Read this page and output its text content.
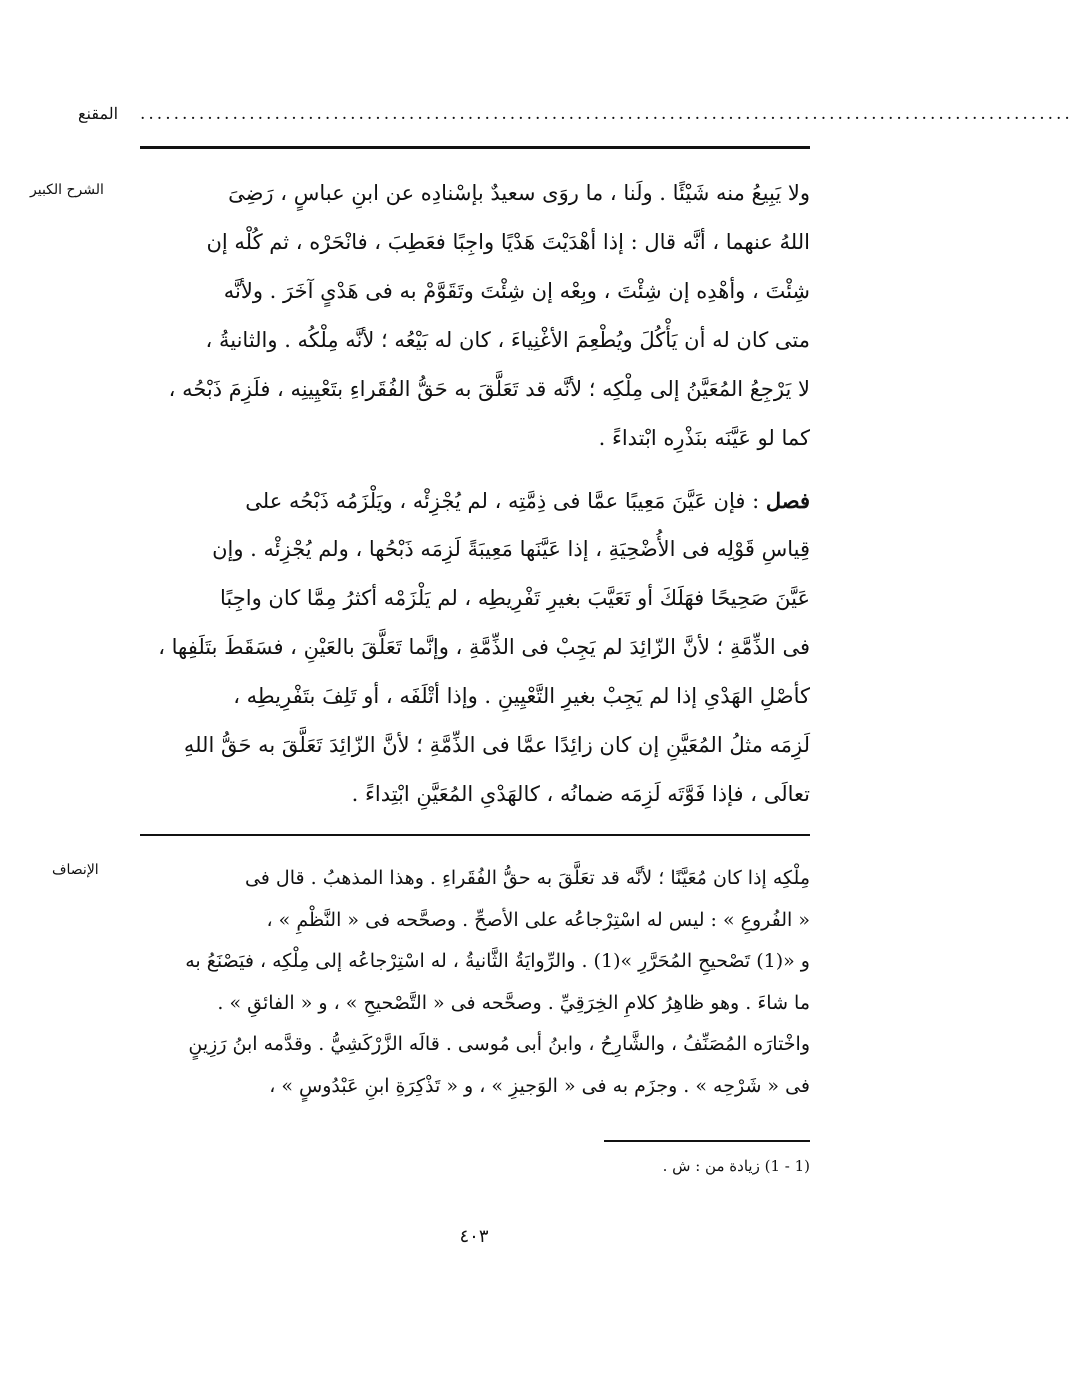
المقنع ...............................................................................................................
الشرح الكبير	ولا يَبِيعُ منه شَيْئًا . ولَنا ، ما روَى سعيدٌ بإسْنادِه عن ابنِ عباسٍ ، رَضِىَ
اللهُ عنهما ، أنَّه قال : إذا أهْدَيْتَ هَدْيًا واجِبًا فعَطِبَ ، فانْحَرْه ، ثم كُلْه إن
شِئْتَ ، وأهْدِه إن شِئْتَ ، وبِعْه إن شِئْتَ وتَقَوَّمْ به فى هَدْىٍ آخَرَ . ولأنَّه
متى كان له أن يَأْكُلَ ويُطْعِمَ الأغْنِياءَ ، كان له بَيْعُه ؛ لأنَّه مِلْكُه . والثانيةُ ،
لا يَرْجِعُ المُعَيَّنُ إلى مِلْكِه ؛ لأنَّه قد تَعَلَّقَ به حَقُّ الفُقَراءِ بتَعْيِينِه ، فلَزِمَ ذَبْحُه ،
كما لو عَيَّنَه بنَذْرِه ابْتداءً .
فصل : فإن عَيَّنَ مَعِيبًا عمَّا فى ذِمَّتِه ، لم يُجْزِئْه ، ويَلْزَمُه ذَبْحُه على
قِياسِ قَوْلِه فى الأُضْحِيَةِ ، إذا عَيَّنَها مَعِيبَةً لَزِمَه ذَبْحُها ، ولم يُجْزِئْه . وإن
عَيَّنَ صَحِيحًا فهَلَكَ أو تَعَيَّبَ بغيرِ تَفْرِيطِه ، لم يَلْزَمْه أكثرُ مِمَّا كان واجِبًا
فى الذِّمَّةِ ؛ لأنَّ الزّائِدَ لم يَجِبْ فى الذِّمَّةِ ، وإنَّما تَعَلَّقَ بالعَيْنِ ، فسَقَطَ بتَلَفِها ،
كأصْلِ الهَدْىِ إذا لم يَجِبْ بغيرِ التَّعْيِينِ . وإذا أتْلَفَه ، أو تَلِفَ بتَفْرِيطِه ،
لَزِمَه مثلُ المُعَيَّنِ إن كان زائِدًا عمَّا فى الذِّمَّةِ ؛ لأنَّ الزّائِدَ تَعَلَّقَ به حَقُّ اللهِ
تعالَى ، فإذا فَوَّتَه لَزِمَه ضمانُه ، كالهَدْىِ المُعَيَّنِ ابْتِداءً .
الإنصاف	مِلْكِه إذا كان مُعَيَّنًا ؛ لأنَّه قد تعَلَّقَ به حقُّ الفُقَراءِ . وهذا المذهبُ . قال فى
« الفُروعِ » : ليس له اسْتِرْجاعُه على الأصحِّ . وصحَّحه فى « النَّظْمِ » ،
و «(1) تَصْحيحِ المُحَرَّرِ »(1) . والرِّوايَةُ الثَّانيةُ ، له اسْتِرْجاعُه إلى مِلْكِه ، فيَصْنَعُ به
ما شاءَ . وهو ظاهِرُ كلامِ الخِرَقِيِّ . وصحَّحه فى « التَّصْحيحِ » ، و « الفائقِ » .
واخْتارَه المُصَنِّفُ ، والشَّارِحُ ، وابنُ أبى مُوسى . قالَه الزَّرْكَشِيُّ . وقدَّمه ابنُ رَزِينٍ
فى « شَرْحِه » . وجزَم به فى « الوَجيزِ » ، و « تَذْكِرَةِ ابنِ عَبْدُوسٍ » ،
(1 - 1) زيادة من : ش .
٤٠٣
